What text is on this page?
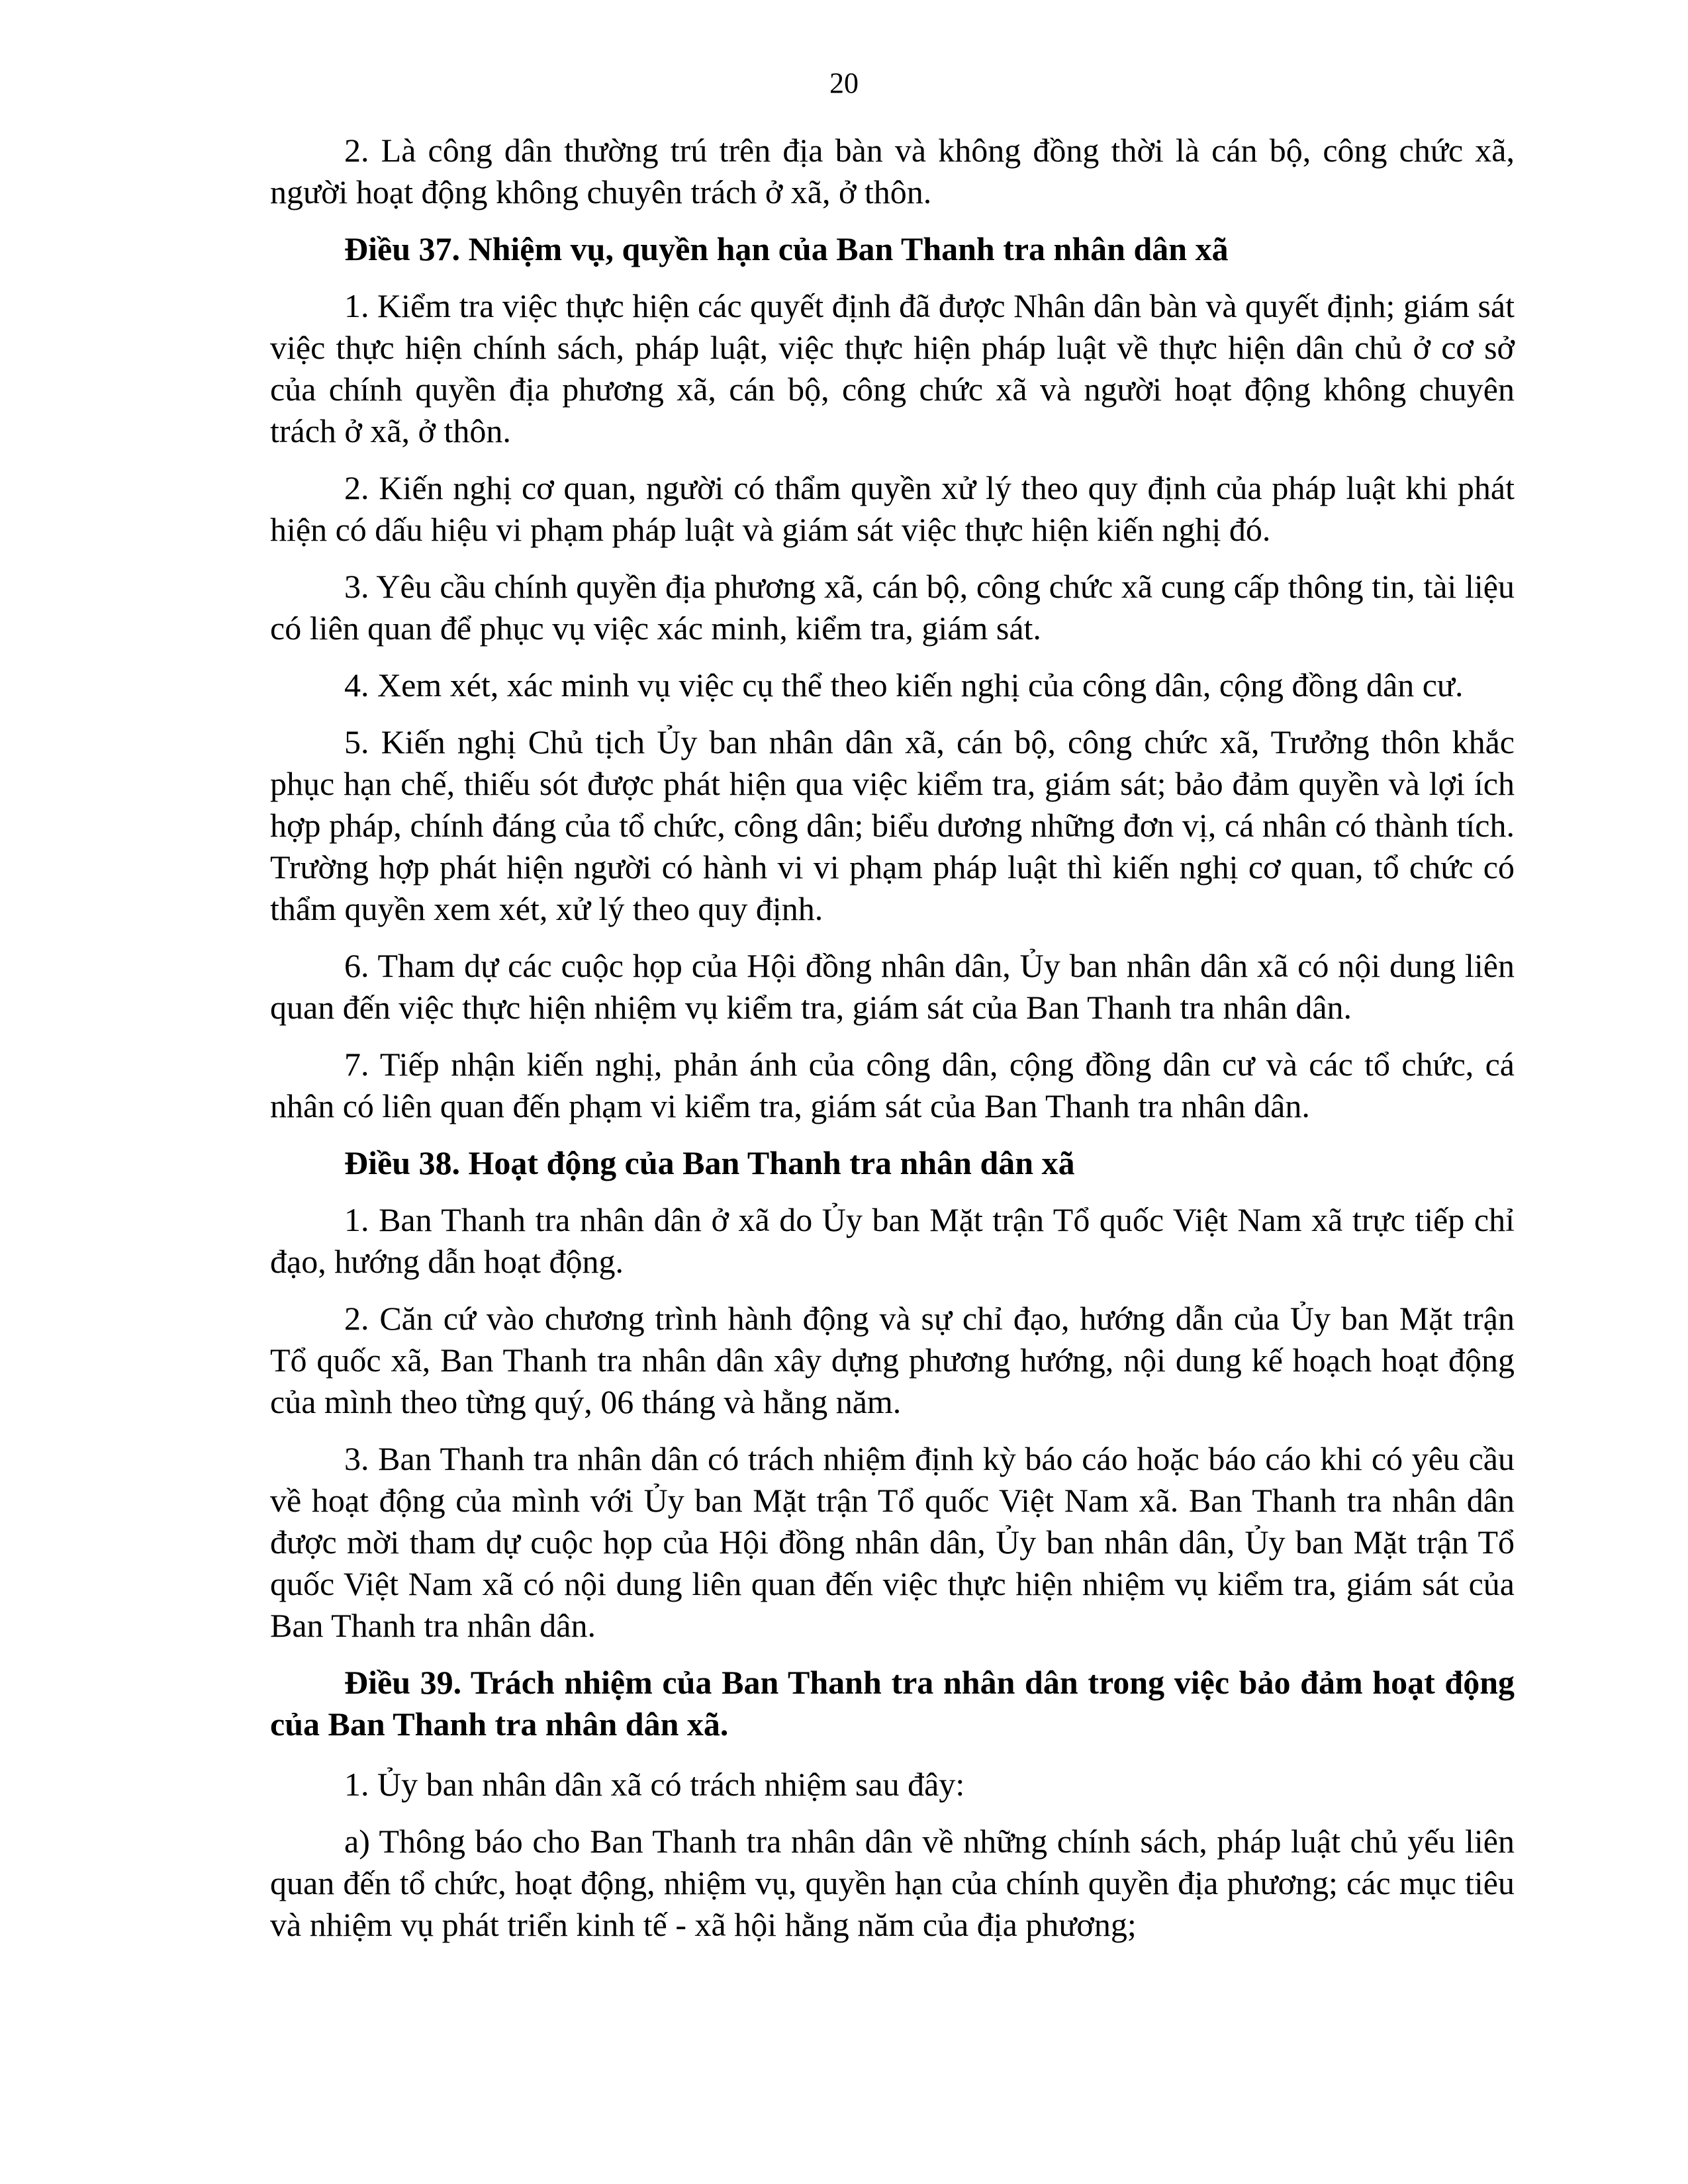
20

2. Là công dân thường trú trên địa bàn và không đồng thời là cán bộ, công chức xã, người hoạt động không chuyên trách ở xã, ở thôn.

Điều 37. Nhiệm vụ, quyền hạn của Ban Thanh tra nhân dân xã

1. Kiểm tra việc thực hiện các quyết định đã được Nhân dân bàn và quyết định; giám sát việc thực hiện chính sách, pháp luật, việc thực hiện pháp luật về thực hiện dân chủ ở cơ sở của chính quyền địa phương xã, cán bộ, công chức xã và người hoạt động không chuyên trách ở xã, ở thôn.

2. Kiến nghị cơ quan, người có thẩm quyền xử lý theo quy định của pháp luật khi phát hiện có dấu hiệu vi phạm pháp luật và giám sát việc thực hiện kiến nghị đó.

3. Yêu cầu chính quyền địa phương xã, cán bộ, công chức xã cung cấp thông tin, tài liệu có liên quan để phục vụ việc xác minh, kiểm tra, giám sát.

4. Xem xét, xác minh vụ việc cụ thể theo kiến nghị của công dân, cộng đồng dân cư.

5. Kiến nghị Chủ tịch Ủy ban nhân dân xã, cán bộ, công chức xã, Trưởng thôn khắc phục hạn chế, thiếu sót được phát hiện qua việc kiểm tra, giám sát; bảo đảm quyền và lợi ích hợp pháp, chính đáng của tổ chức, công dân; biểu dương những đơn vị, cá nhân có thành tích. Trường hợp phát hiện người có hành vi vi phạm pháp luật thì kiến nghị cơ quan, tổ chức có thẩm quyền xem xét, xử lý theo quy định.

6. Tham dự các cuộc họp của Hội đồng nhân dân, Ủy ban nhân dân xã có nội dung liên quan đến việc thực hiện nhiệm vụ kiểm tra, giám sát của Ban Thanh tra nhân dân.

7. Tiếp nhận kiến nghị, phản ánh của công dân, cộng đồng dân cư và các tổ chức, cá nhân có liên quan đến phạm vi kiểm tra, giám sát của Ban Thanh tra nhân dân.

Điều 38. Hoạt động của Ban Thanh tra nhân dân xã

1. Ban Thanh tra nhân dân ở xã do Ủy ban Mặt trận Tổ quốc Việt Nam xã trực tiếp chỉ đạo, hướng dẫn hoạt động.

2. Căn cứ vào chương trình hành động và sự chỉ đạo, hướng dẫn của Ủy ban Mặt trận Tổ quốc xã, Ban Thanh tra nhân dân xây dựng phương hướng, nội dung kế hoạch hoạt động của mình theo từng quý, 06 tháng và hằng năm.

3. Ban Thanh tra nhân dân có trách nhiệm định kỳ báo cáo hoặc báo cáo khi có yêu cầu về hoạt động của mình với Ủy ban Mặt trận Tổ quốc Việt Nam xã. Ban Thanh tra nhân dân được mời tham dự cuộc họp của Hội đồng nhân dân, Ủy ban nhân dân, Ủy ban Mặt trận Tổ quốc Việt Nam xã có nội dung liên quan đến việc thực hiện nhiệm vụ kiểm tra, giám sát của Ban Thanh tra nhân dân.

Điều 39. Trách nhiệm của Ban Thanh tra nhân dân trong việc bảo đảm hoạt động của Ban Thanh tra nhân dân xã.

1. Ủy ban nhân dân xã có trách nhiệm sau đây:

a) Thông báo cho Ban Thanh tra nhân dân về những chính sách, pháp luật chủ yếu liên quan đến tổ chức, hoạt động, nhiệm vụ, quyền hạn của chính quyền địa phương; các mục tiêu và nhiệm vụ phát triển kinh tế - xã hội hằng năm của địa phương;
